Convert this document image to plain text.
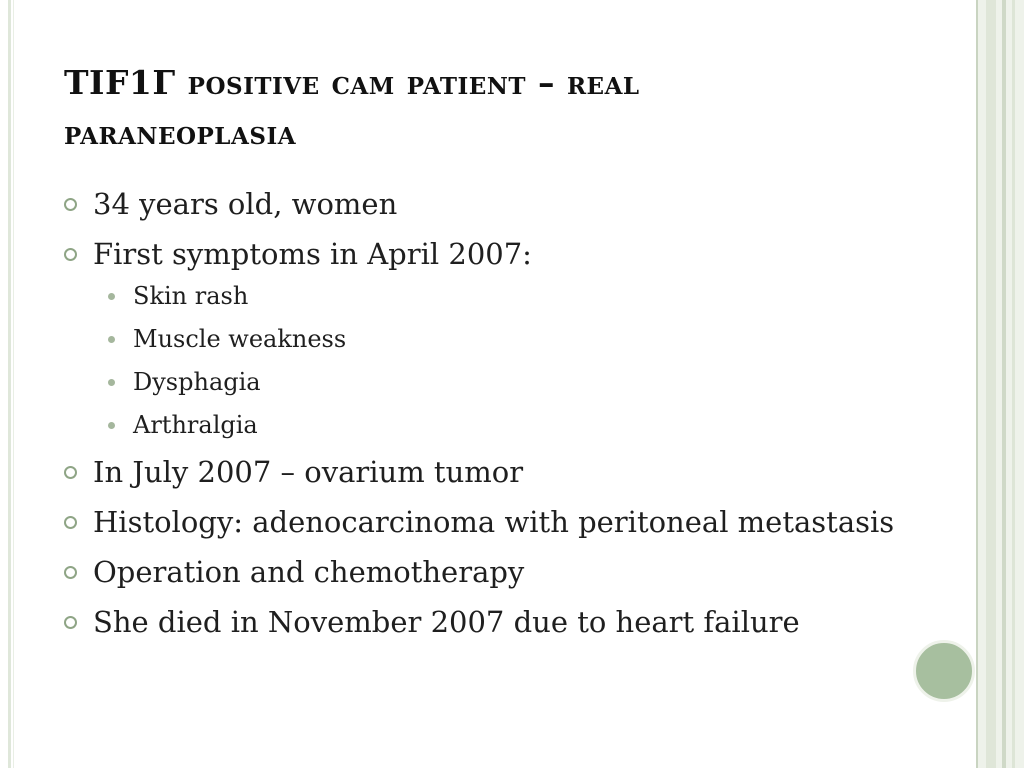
TIF1Г positive cam patient – real paraneoplasia
34 years old, women
First symptoms in April 2007:
Skin rash
Muscle weakness
Dysphagia
Arthralgia
In July 2007 – ovarium tumor
Histology: adenocarcinoma with peritoneal metastasis
Operation and chemotherapy
She died in November 2007 due to heart failure
